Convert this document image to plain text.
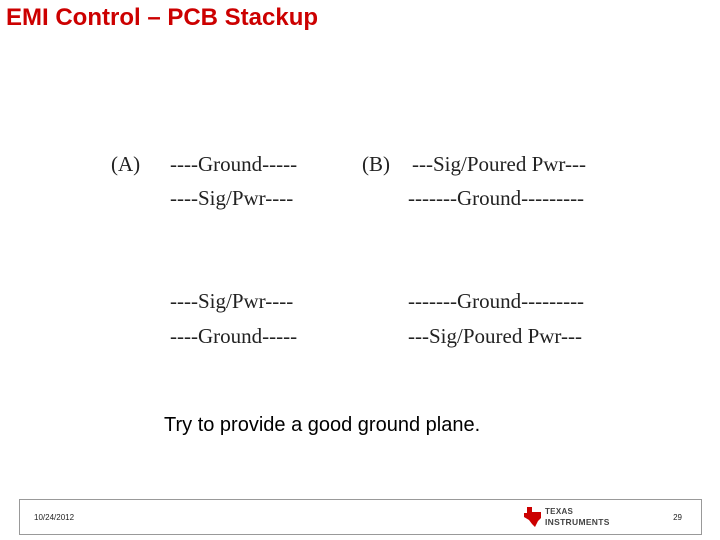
EMI Control – PCB Stackup
(A) ----Ground-----
----Sig/Pwr----
----Sig/Pwr----
----Ground-----
(B) ---Sig/Poured Pwr---
-------Ground---------
-------Ground---------
---Sig/Poured Pwr---
Try to provide a good ground plane.
10/24/2012
TEXAS
INSTRUMENTS	29
